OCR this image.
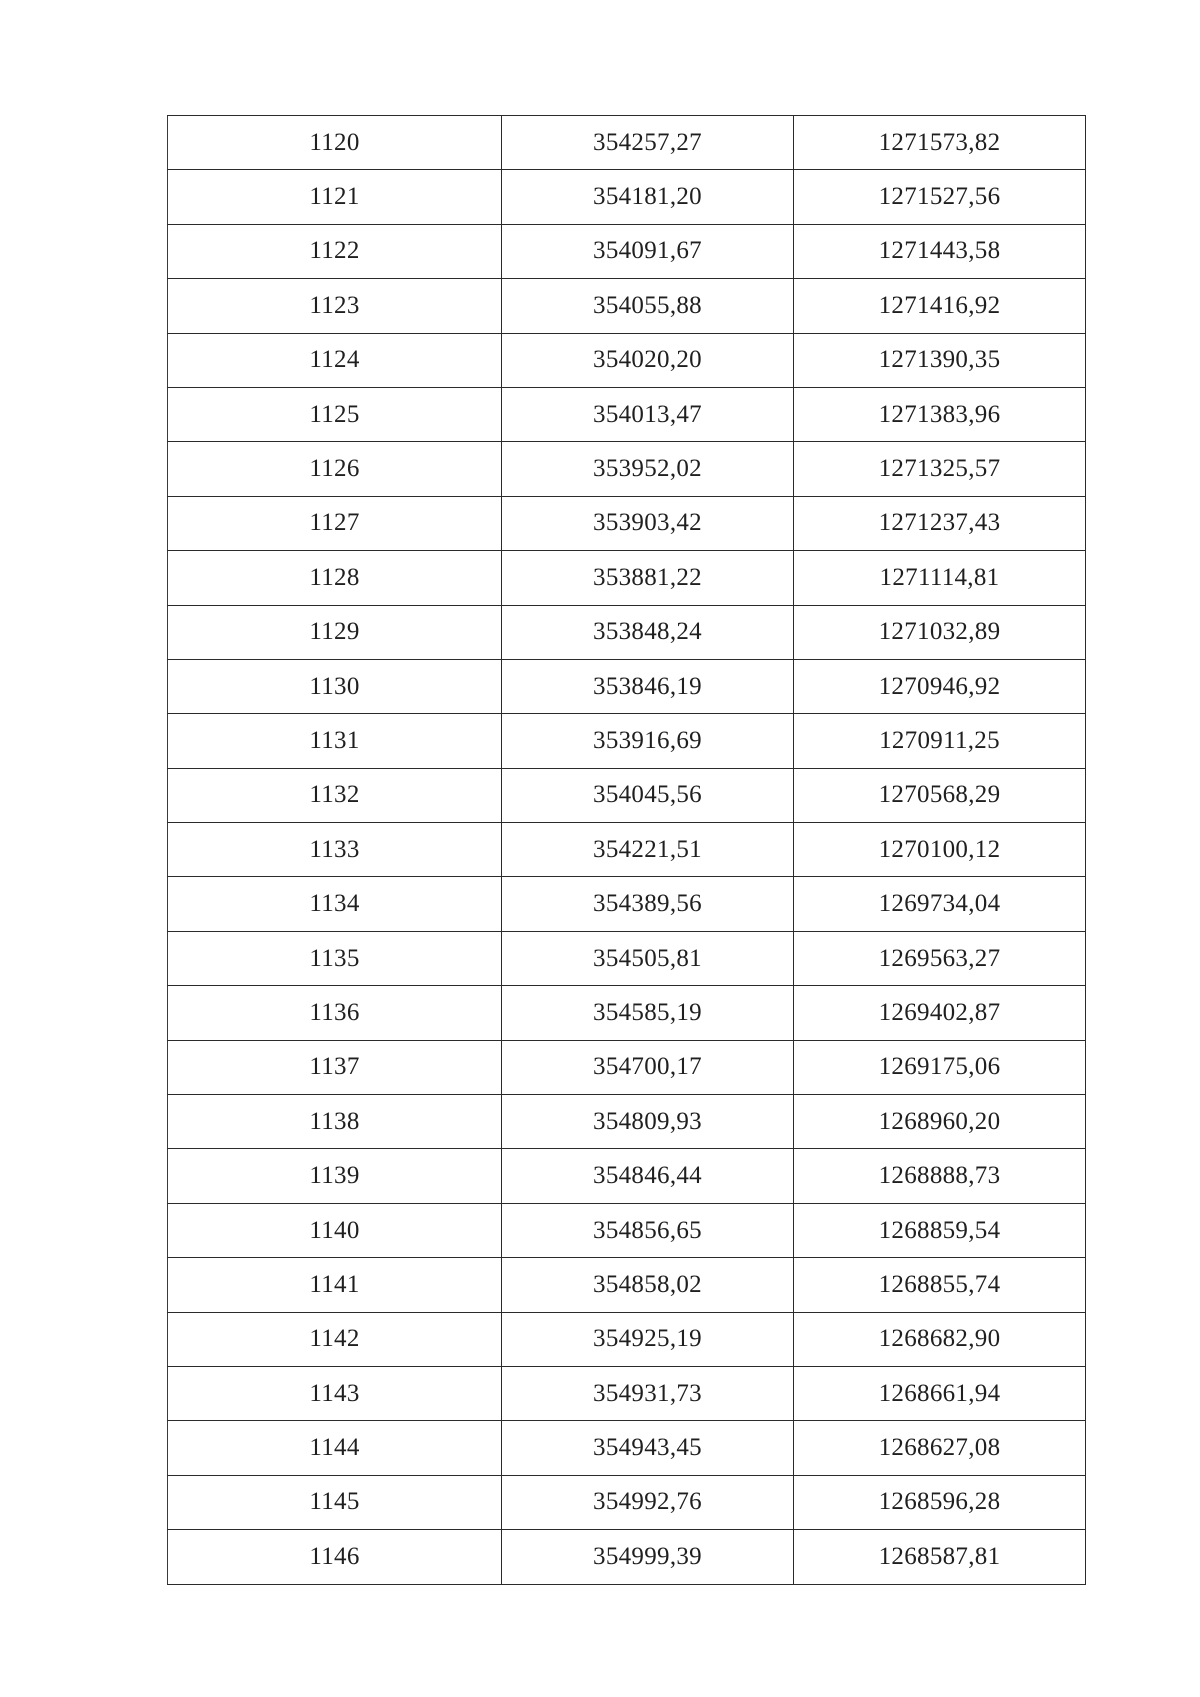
1120	354257,27	1271573,82
1121	354181,20	1271527,56
1122	354091,67	1271443,58
1123	354055,88	1271416,92
1124	354020,20	1271390,35
1125	354013,47	1271383,96
1126	353952,02	1271325,57
1127	353903,42	1271237,43
1128	353881,22	1271114,81
1129	353848,24	1271032,89
1130	353846,19	1270946,92
1131	353916,69	1270911,25
1132	354045,56	1270568,29
1133	354221,51	1270100,12
1134	354389,56	1269734,04
1135	354505,81	1269563,27
1136	354585,19	1269402,87
1137	354700,17	1269175,06
1138	354809,93	1268960,20
1139	354846,44	1268888,73
1140	354856,65	1268859,54
1141	354858,02	1268855,74
1142	354925,19	1268682,90
1143	354931,73	1268661,94
1144	354943,45	1268627,08
1145	354992,76	1268596,28
1146	354999,39	1268587,81
